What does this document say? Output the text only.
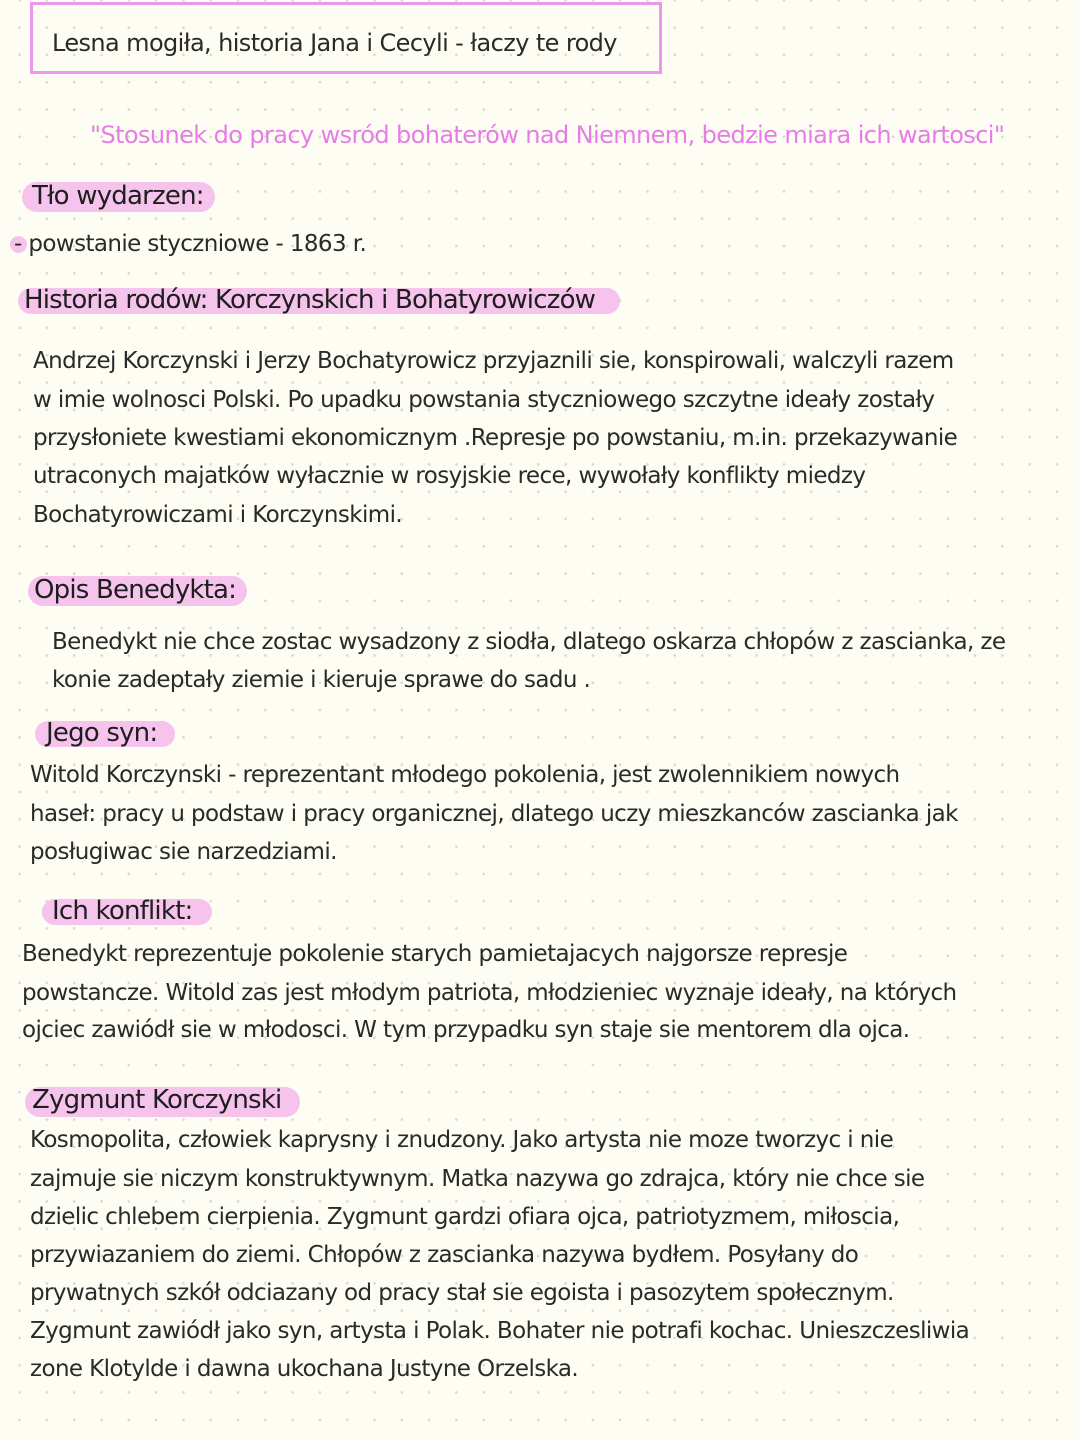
Lesna mogiła, historia Jana i Cecyli - łaczy te rody
"Stosunek do pracy wsród bohaterów nad Niemnem, bedzie miara ich wartosci"
Tło wydarzen:
- powstanie styczniowe - 1863 r.
Historia rodów: Korczynskich i Bohatyrowiczów
Andrzej Korczynski i Jerzy Bochatyrowicz przyjaznili sie, konspirowali, walczyli razem
w imie wolnosci Polski. Po upadku powstania styczniowego szczytne ideały zostały
przysłoniete kwestiami ekonomicznym .Represje po powstaniu, m.in. przekazywanie
utraconych majatków wyłacznie w rosyjskie rece, wywołały konflikty miedzy
Bochatyrowiczami i Korczynskimi.
Opis Benedykta:
Benedykt nie chce zostac wysadzony z siodła, dlatego oskarza chłopów z zascianka, ze
konie zadeptały ziemie i kieruje sprawe do sadu .
Jego syn:
Witold Korczynski - reprezentant młodego pokolenia, jest zwolennikiem nowych
haseł: pracy u podstaw i pracy organicznej, dlatego uczy mieszkanców zascianka jak
posługiwac sie narzedziami.
Ich konflikt:
Benedykt reprezentuje pokolenie starych pamietajacych najgorsze represje
powstancze. Witold zas jest młodym patriota, młodzieniec wyznaje ideały, na których
ojciec zawiódł sie w młodosci. W tym przypadku syn staje sie mentorem dla ojca.
Zygmunt Korczynski
Kosmopolita, człowiek kaprysny i znudzony. Jako artysta nie moze tworzyc i nie
zajmuje sie niczym konstruktywnym. Matka nazywa go zdrajca, który nie chce sie
dzielic chlebem cierpienia. Zygmunt gardzi ofiara ojca, patriotyzmem, miłoscia,
przywiazaniem do ziemi. Chłopów z zascianka nazywa bydłem. Posyłany do
prywatnych szkół odciazany od pracy stał sie egoista i pasozytem społecznym.
Zygmunt zawiódł jako syn, artysta i Polak. Bohater nie potrafi kochac. Unieszczesliwia
zone Klotylde i dawna ukochana Justyne Orzelska.
